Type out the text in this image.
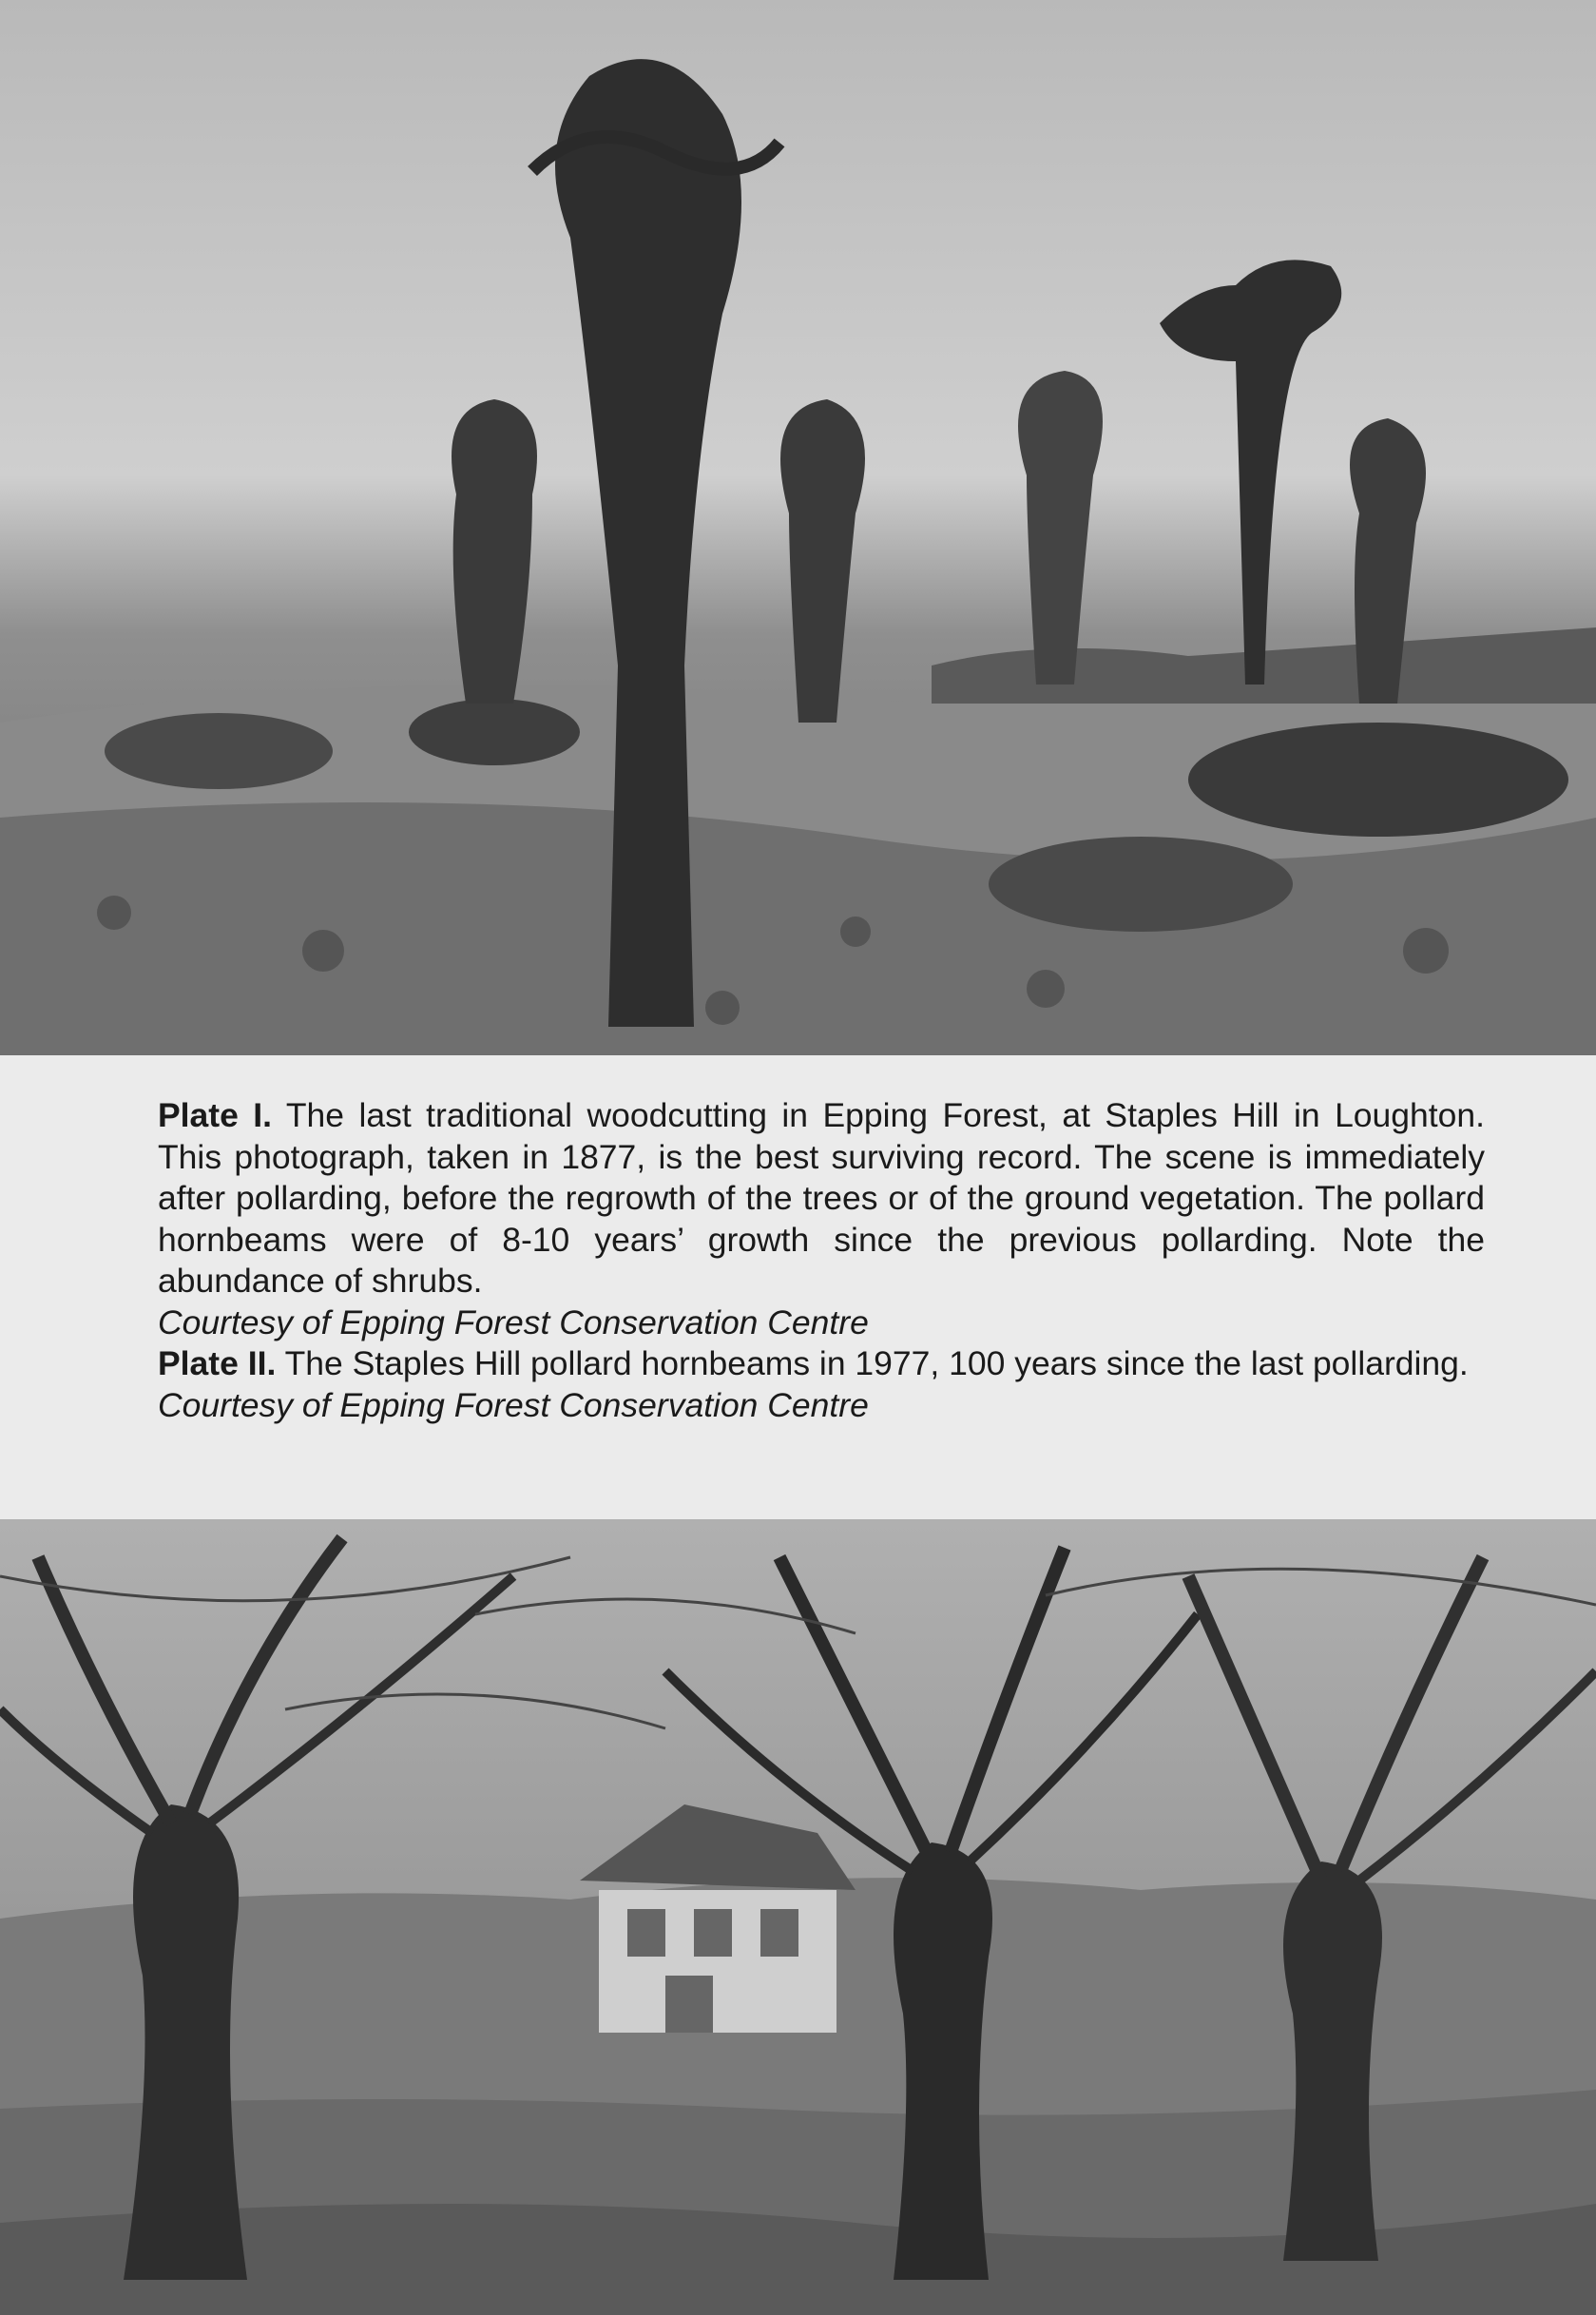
Plate I. The last traditional woodcutting in Epping Forest, at Staples Hill in Loughton. This photograph, taken in 1877, is the best surviving record. The scene is immediately after pollarding, before the regrowth of the trees or of the ground vegetation. The pollard hornbeams were of 8-10 years’ growth since the previous pollarding. Note the abundance of shrubs.

Courtesy of Epping Forest Conservation Centre

Plate II. The Staples Hill pollard hornbeams in 1977, 100 years since the last pollarding.

Courtesy of Epping Forest Conservation Centre
